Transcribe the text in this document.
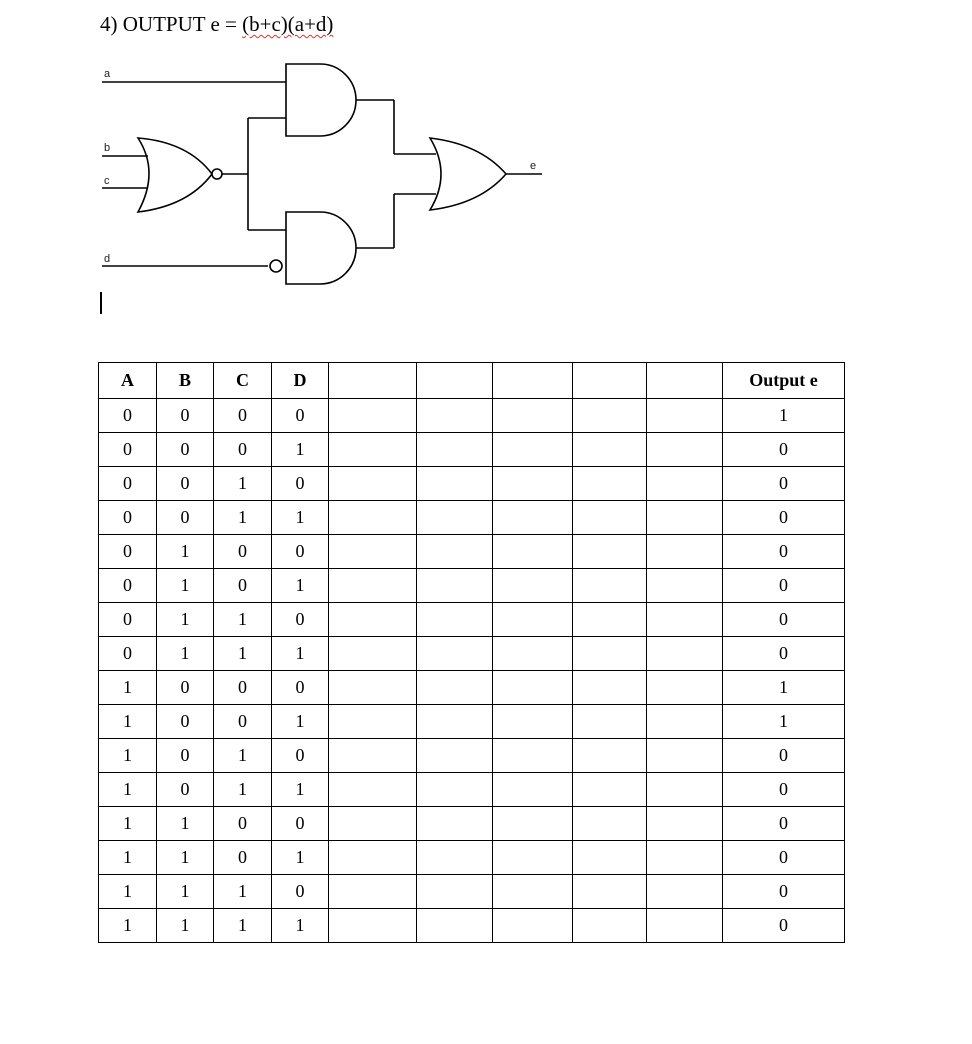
4) OUTPUT e = (b+c)(a+d)
a
b
c
d
e
A	B	C	D						Output e
0	0	0	0						1
0	0	0	1						0
0	0	1	0						0
0	0	1	1						0
0	1	0	0						0
0	1	0	1						0
0	1	1	0						0
0	1	1	1						0
1	0	0	0						1
1	0	0	1						1
1	0	1	0						0
1	0	1	1						0
1	1	0	0						0
1	1	0	1						0
1	1	1	0						0
1	1	1	1						0
